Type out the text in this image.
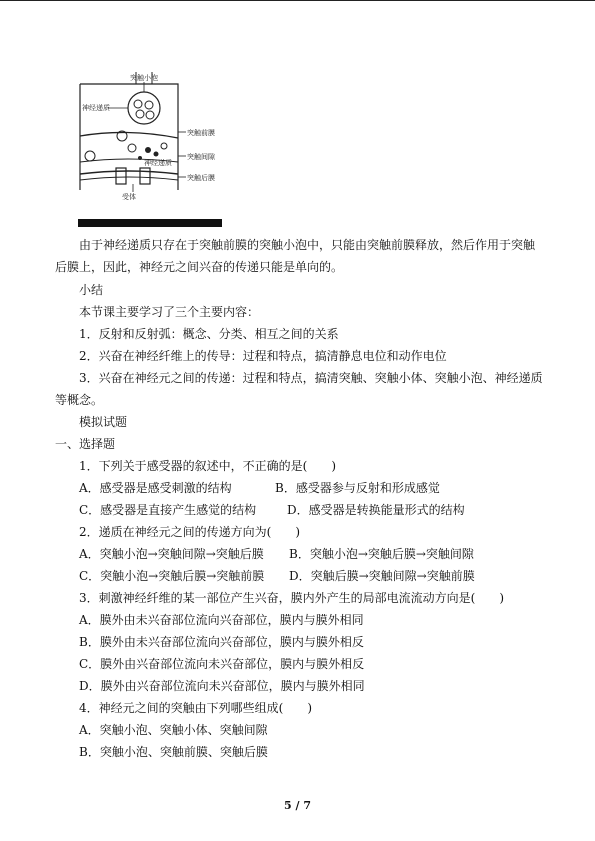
突触小泡
神经递质
突触前膜
突触间隙
神经递质
突触后膜
受体
由于神经递质只存在于突触前膜的突触小泡中，只能由突触前膜释放，然后作用于突触
后膜上，因此，神经元之间兴奋的传递只能是单向的。
小结
本节课主要学习了三个主要内容：
1．反射和反射弧：概念、分类、相互之间的关系
2．兴奋在神经纤维上的传导：过程和特点，搞清静息电位和动作电位
3．兴奋在神经元之间的传递：过程和特点，搞清突触、突触小体、突触小泡、神经递质
等概念。
模拟试题
一、选择题
1．下列关于感受器的叙述中，不正确的是(　　)
A．感受器是感受刺激的结构	B．感受器参与反射和形成感觉
C．感受器是直接产生感觉的结构	D．感受器是转换能量形式的结构
2．递质在神经元之间的传递方向为(　　)
A．突触小泡→突触间隙→突触后膜 B．突触小泡→突触后膜→突触间隙
C．突触小泡→突触后膜→突触前膜 D．突触后膜→突触间隙→突触前膜
3．刺激神经纤维的某一部位产生兴奋，膜内外产生的局部电流流动方向是(　　)
A．膜外由未兴奋部位流向兴奋部位，膜内与膜外相同
B．膜外由未兴奋部位流向兴奋部位，膜内与膜外相反
C．膜外由兴奋部位流向未兴奋部位，膜内与膜外相反
D．膜外由兴奋部位流向未兴奋部位，膜内与膜外相同
4．神经元之间的突触由下列哪些组成(　　)
A．突触小泡、突触小体、突触间隙
B．突触小泡、突触前膜、突触后膜
5 / 7
